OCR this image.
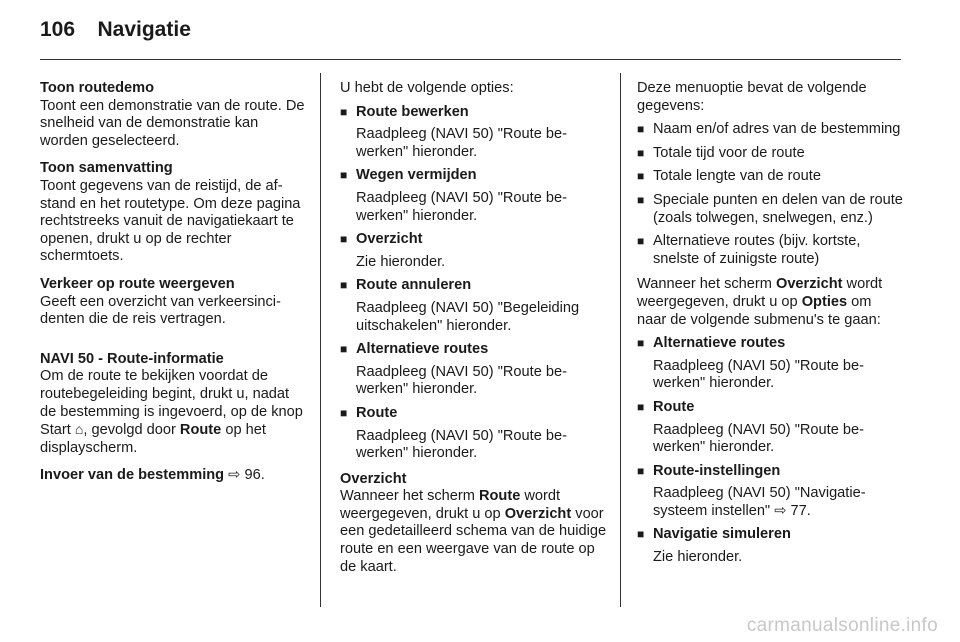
106 Navigatie

Toon routedemo

Toont een demonstratie van de route. De snelheid van de demonstratie kan worden geselecteerd.

Toon samenvatting

Toont gegevens van de reistijd, de afstand en het routetype. Om deze pagina rechtstreeks vanuit de navigatiekaart te openen, drukt u op de rechter schermtoets.

Verkeer op route weergeven

Geeft een overzicht van verkeersincidenten die de reis vertragen.

NAVI 50 - Route-informatie

Om de route te bekijken voordat de routebegeleiding begint, drukt u, nadat de bestemming is ingevoerd, op de knop Start ⌂, gevolgd door Route op het displayscherm.

Invoer van de bestemming ⇨ 96.

U hebt de volgende opties:

■ Route bewerken

Raadpleeg (NAVI 50) "Route bewerken" hieronder.

■ Wegen vermijden

Raadpleeg (NAVI 50) "Route bewerken" hieronder.

■ Overzicht

Zie hieronder.

■ Route annuleren

Raadpleeg (NAVI 50) "Begeleiding uitschakelen" hieronder.

■ Alternatieve routes

Raadpleeg (NAVI 50) "Route bewerken" hieronder.

■ Route

Raadpleeg (NAVI 50) "Route bewerken" hieronder.

Overzicht

Wanneer het scherm Route wordt weergegeven, drukt u op Overzicht voor een gedetailleerd schema van de huidige route en een weergave van de route op de kaart.

Deze menuoptie bevat de volgende gegevens:

■ Naam en/of adres van de bestemming
■ Totale tijd voor de route
■ Totale lengte van de route
■ Speciale punten en delen van de route (zoals tolwegen, snelwegen, enz.)
■ Alternatieve routes (bijv. kortste, snelste of zuinigste route)

Wanneer het scherm Overzicht wordt weergegeven, drukt u op Opties om naar de volgende submenu's te gaan:

■ Alternatieve routes

Raadpleeg (NAVI 50) "Route bewerken" hieronder.

■ Route

Raadpleeg (NAVI 50) "Route bewerken" hieronder.

■ Route-instellingen

Raadpleeg (NAVI 50) "Navigatiesysteem instellen" ⇨ 77.

■ Navigatie simuleren

Zie hieronder.

carmanualsonline.info
